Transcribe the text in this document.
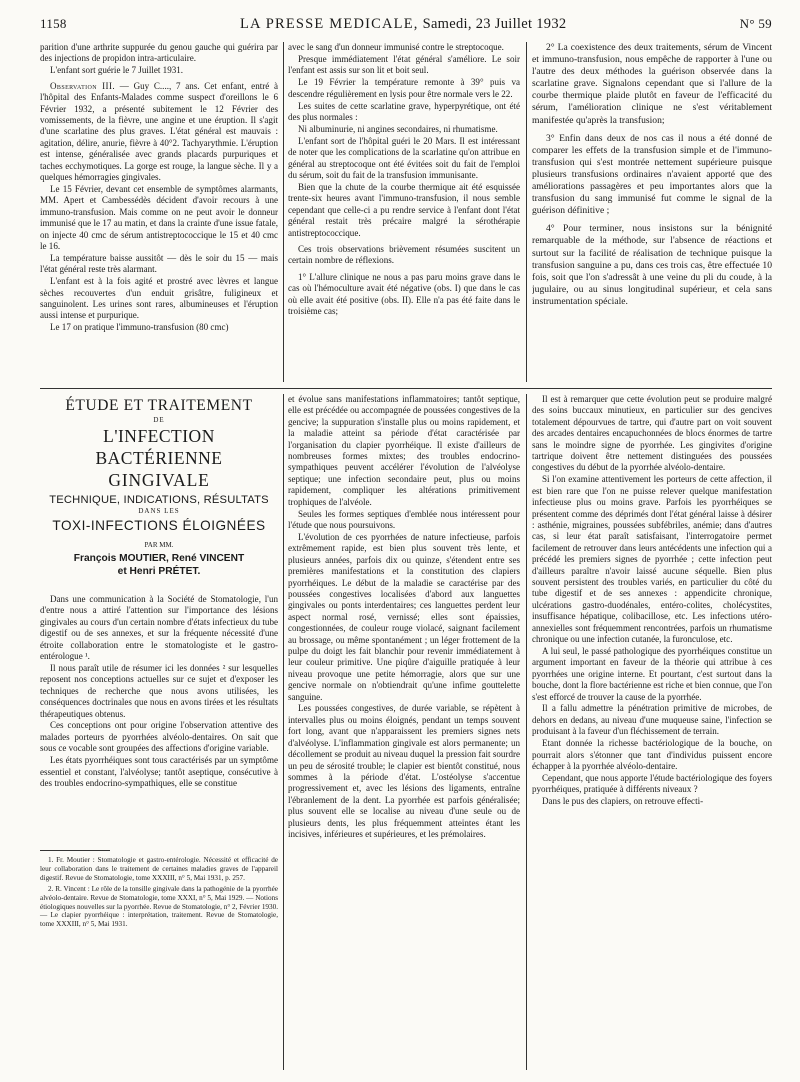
1158	LA PRESSE MEDICALE, Samedi, 23 Juillet 1932	N° 59

parition d'une arthrite suppurée du genou gauche qui guérira par des injections de propidon intra-articulaire.

L'enfant sort guérie le 7 Juillet 1931.

Observation III. — Guy C...., 7 ans. Cet enfant, entré à l'hôpital des Enfants-Malades comme suspect d'oreillons le 6 Février 1932, a présenté subitement le 12 Février des vomissements, de la fièvre, une angine et une éruption. Il s'agit d'une scarlatine des plus graves. L'état général est mauvais : agitation, délire, anurie, fièvre à 40°2. Tachyarythmie. L'éruption est intense, généralisée avec grands placards purpuriques et taches ecchymotiques. La gorge est rouge, la langue sèche. Il y a quelques hémorragies gingivales.

Le 15 Février, devant cet ensemble de symptômes alarmants, MM. Apert et Cambessédès décident d'avoir recours à une immuno-transfusion. Mais comme on ne peut avoir le donneur immunisé que le 17 au matin, et dans la crainte d'une issue fatale, on injecte 40 cmc de sérum antistreptococcique le 15 et 40 cmc le 16.

La température baisse aussitôt — dès le soir du 15 — mais l'état général reste très alarmant.

L'enfant est à la fois agité et prostré avec lèvres et langue sèches recouvertes d'un enduit grisâtre, fuligineux et sanguinolent. Les urines sont rares, albumineuses et l'éruption aussi intense et purpurique.

Le 17 on pratique l'immuno-transfusion (80 cmc)

avec le sang d'un donneur immunisé contre le streptocoque.

Presque immédiatement l'état général s'améliore. Le soir l'enfant est assis sur son lit et boit seul.

Le 19 Février la température remonte à 39° puis va descendre régulièrement en lysis pour être normale vers le 22.

Les suites de cette scarlatine grave, hyperpyrétique, ont été des plus normales :

Ni albuminurie, ni angines secondaires, ni rhumatisme.

L'enfant sort de l'hôpital guéri le 20 Mars. Il est intéressant de noter que les complications de la scarlatine qu'on attribue en général au streptocoque ont été évitées soit du fait de l'emploi du sérum, soit du fait de la transfusion immunisante.

Bien que la chute de la courbe thermique ait été esquissée trente-six heures avant l'immuno-transfusion, il nous semble cependant que celle-ci a pu rendre service à l'enfant dont l'état général restait très précaire malgré la sérothérapie antistreptococcique.

Ces trois observations brièvement résumées suscitent un certain nombre de réflexions.

1° L'allure clinique ne nous a pas paru moins grave dans le cas où l'hémoculture avait été négative (obs. I) que dans le cas où elle avait été positive (obs. II). Elle n'a pas été faite dans le troisième cas;

2° La coexistence des deux traitements, sérum de Vincent et immuno-transfusion, nous empêche de rapporter à l'une ou l'autre des deux méthodes la guérison observée dans la scarlatine grave. Signalons cependant que si l'allure de la courbe thermique plaide plutôt en faveur de l'efficacité du sérum, l'amélioration clinique ne s'est véritablement manifestée qu'après la transfusion;

3° Enfin dans deux de nos cas il nous a été donné de comparer les effets de la transfusion simple et de l'immuno-transfusion qui s'est montrée nettement supérieure puisque plusieurs transfusions ordinaires n'avaient apporté que des améliorations passagères et peu importantes alors que la transfusion du sang immunisé fut comme le signal de la guérison définitive ;

4° Pour terminer, nous insistons sur la bénignité remarquable de la méthode, sur l'absence de réactions et surtout sur la facilité de réalisation de technique puisque la transfusion sanguine a pu, dans ces trois cas, être effectuée 10 fois, soit que l'on s'adressât à une veine du pli du coude, à la jugulaire, ou au sinus longitudinal supérieur, et cela sans instrumentation spéciale.

ÉTUDE ET TRAITEMENT
DE
L'INFECTION BACTÉRIENNE
GINGIVALE
TECHNIQUE, INDICATIONS, RÉSULTATS
DANS LES
TOXI-INFECTIONS ÉLOIGNÉES
PAR MM.
François MOUTIER, René VINCENT
et Henri PRÉTET.

Dans une communication à la Société de Stomatologie, l'un d'entre nous a attiré l'attention sur l'importance des lésions gingivales au cours d'un certain nombre d'états infectieux du tube digestif ou de ses annexes, et sur la fréquente nécessité d'une étroite collaboration entre le stomatologiste et le gastro-entérologue ¹.

Il nous paraît utile de résumer ici les données ² sur lesquelles reposent nos conceptions actuelles sur ce sujet et d'exposer les techniques de recherche que nous avons utilisées, les conséquences doctrinales que nous en avons tirées et les résultats thérapeutiques obtenus.

Ces conceptions ont pour origine l'observation attentive des malades porteurs de pyorrhées alvéolo-dentaires. On sait que sous ce vocable sont groupées des affections d'origine variable.

Les états pyorrhéiques sont tous caractérisés par un symptôme essentiel et constant, l'alvéolyse; tantôt aseptique, consécutive à des troubles endocrino-sympathiques, elle se constitue

1. Fr. Moutier : Stomatologie et gastro-entérologie. Nécessité et efficacité de leur collaboration dans le traitement de certaines maladies graves de l'appareil digestif. Revue de Stomatologie, tome XXXIII, n° 5, Mai 1931, p. 257.

2. R. Vincent : Le rôle de la tonsille gingivale dans la pathogénie de la pyorrhée alvéolo-dentaire. Revue de Stomatologie, tome XXXI, n° 5, Mai 1929. — Notions étiologiques nouvelles sur la pyorrhée. Revue de Stomatologie, n° 2, Février 1930. — Le clapier pyorrhéique : interprétation, traitement. Revue de Stomatologie, tome XXXIII, n° 5, Mai 1931.

et évolue sans manifestations inflammatoires; tantôt septique, elle est précédée ou accompagnée de poussées congestives de la gencive; la suppuration s'installe plus ou moins rapidement, et la maladie atteint sa période d'état caractérisée par l'organisation du clapier pyorrhéique. Il existe d'ailleurs de nombreuses formes mixtes; des troubles endocrino-sympathiques peuvent accélérer l'évolution de l'alvéolyse septique; une infection secondaire peut, plus ou moins rapidement, compliquer les altérations primitivement trophiques de l'alvéole.

Seules les formes septiques d'emblée nous intéressent pour l'étude que nous poursuivons.

L'évolution de ces pyorrhées de nature infectieuse, parfois extrêmement rapide, est bien plus souvent très lente, et plusieurs années, parfois dix ou quinze, s'étendent entre ses premières manifestations et la constitution des clapiers pyorrhéiques. Le début de la maladie se caractérise par des poussées congestives localisées d'abord aux languettes gingivales ou ponts interdentaires; ces languettes perdent leur aspect normal rosé, vernissé; elles sont épaissies, congestionnées, de couleur rouge violacé, saignant facilement au brossage, ou même spontanément ; un léger frottement de la pulpe du doigt les fait blanchir pour revenir immédiatement à leur couleur primitive. Une piqûre d'aiguille pratiquée à leur niveau provoque une petite hémorragie, alors que sur une gencive normale on n'obtiendrait qu'une infime gouttelette sanguine.

Les poussées congestives, de durée variable, se répètent à intervalles plus ou moins éloignés, pendant un temps souvent fort long, avant que n'apparaissent les premiers signes nets d'alvéolyse. L'inflammation gingivale est alors permanente; un décollement se produit au niveau duquel la pression fait sourdre un peu de sérosité trouble; le clapier est bientôt constitué, nous sommes à la période d'état. L'ostéolyse s'accentue progressivement et, avec les lésions des ligaments, entraîne l'ébranlement de la dent. La pyorrhée est parfois généralisée; plus souvent elle se localise au niveau d'une seule ou de plusieurs dents, les plus fréquemment atteintes étant les incisives, inférieures et supérieures, et les prémolaires.

Il est à remarquer que cette évolution peut se produire malgré des soins buccaux minutieux, en particulier sur des gencives totalement dépourvues de tartre, qui d'autre part on voit souvent des arcades dentaires encapuchonnées de blocs énormes de tartre sans le moindre signe de pyorrhée. Les gingivites d'origine tartrique doivent être nettement distinguées des poussées congestives du début de la pyorrhée alvéolo-dentaire.

Si l'on examine attentivement les porteurs de cette affection, il est bien rare que l'on ne puisse relever quelque manifestation infectieuse plus ou moins grave. Parfois les pyorrhéiques se présentent comme des déprimés dont l'état général laisse à désirer : asthénie, migraines, poussées subfébriles, anémie; dans d'autres cas, si leur état paraît satisfaisant, l'interrogatoire permet facilement de retrouver dans leurs antécédents une infection qui a précédé les premiers signes de pyorrhée ; cette infection peut d'ailleurs paraître n'avoir laissé aucune séquelle. Bien plus souvent persistent des troubles variés, en particulier du côté du tube digestif et de ses annexes : appendicite chronique, ulcérations gastro-duodénales, entéro-colites, cholécystites, insuffisance hépatique, colibacillose, etc. Les infections utéro-annexielles sont fréquemment rencontrées, parfois un rhumatisme chronique ou une infection cutanée, la furonculose, etc.

A lui seul, le passé pathologique des pyorrhéiques constitue un argument important en faveur de la théorie qui attribue à ces pyorrhées une origine interne. Et pourtant, c'est surtout dans la bouche, dont la flore bactérienne est riche et bien connue, que l'on s'est efforcé de trouver la cause de la pyorrhée.

Il a fallu admettre la pénétration primitive de microbes, de dehors en dedans, au niveau d'une muqueuse saine, l'infection se produisant à la faveur d'un fléchissement de terrain.

Etant donnée la richesse bactériologique de la bouche, on pourrait alors s'étonner que tant d'individus puissent encore échapper à la pyorrhée alvéolo-dentaire.

Cependant, que nous apporte l'étude bactériologique des foyers pyorrhéiques, pratiquée à différents niveaux ?

Dans le pus des clapiers, on retrouve effecti-
